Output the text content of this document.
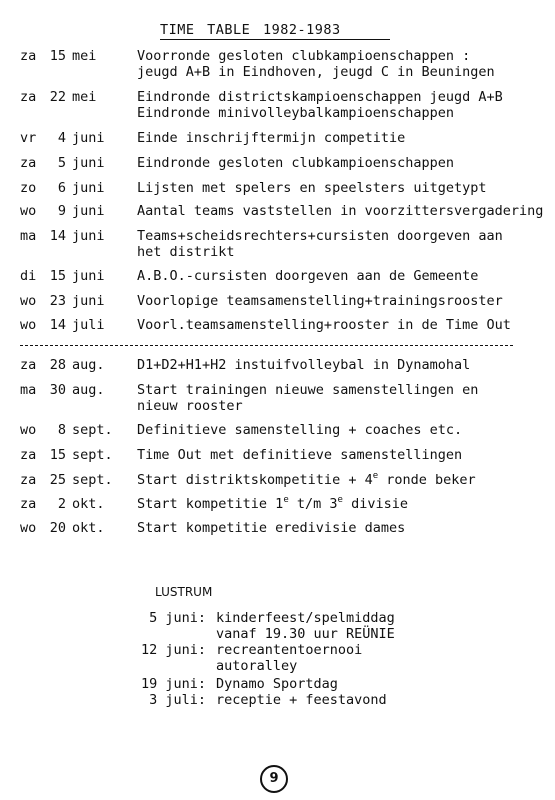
TIME TABLE 1982-1983
za 15 mei	Voorronde gesloten clubkampioenschappen :
jeugd A+B in Eindhoven, jeugd C in Beuningen
za 22 mei	Eindronde districtskampioenschappen jeugd A+B
Eindronde minivolleybalkampioenschappen
vr	4 juni	Einde inschrijftermijn competitie
za	5 juni	Eindronde gesloten clubkampioenschappen
zo	6 juni	Lijsten met spelers en speelsters uitgetypt
wo	9 juni	Aantal teams vaststellen in voorzittersvergadering
ma 14 juni	Teams+scheidsrechters+cursisten doorgeven aan
het distrikt
di 15 juni	A.B.O.-cursisten doorgeven aan de Gemeente
wo 23 juni	Voorlopige teamsamenstelling+trainingsrooster
wo 14 juli	Voorl.teamsamenstelling+rooster in de Time Out
za 28 aug.	D1+D2+H1+H2 instuifvolleybal in Dynamohal
ma 30 aug.	Start trainingen nieuwe samenstellingen en
nieuw rooster
wo	8 sept.	Definitieve samenstelling + coaches etc.
za 15 sept.	Time Out met definitieve samenstellingen
za 25 sept.	Start distriktskompetitie + $4^e$ ronde beker
za	2 okt.	Start kompetitie 1e t/m 3e divisie
wo 20 okt.	Start kompetitie eredivisie dames
LUSTRUM
5 juni: kinderfeest/spelmiddag
vanaf 19.30 uur REÜNIE
12 juni: recreantentoernooi
autoralley
19 juni: Dynamo Sportdag
3 juli: receptie + feestavond
9
